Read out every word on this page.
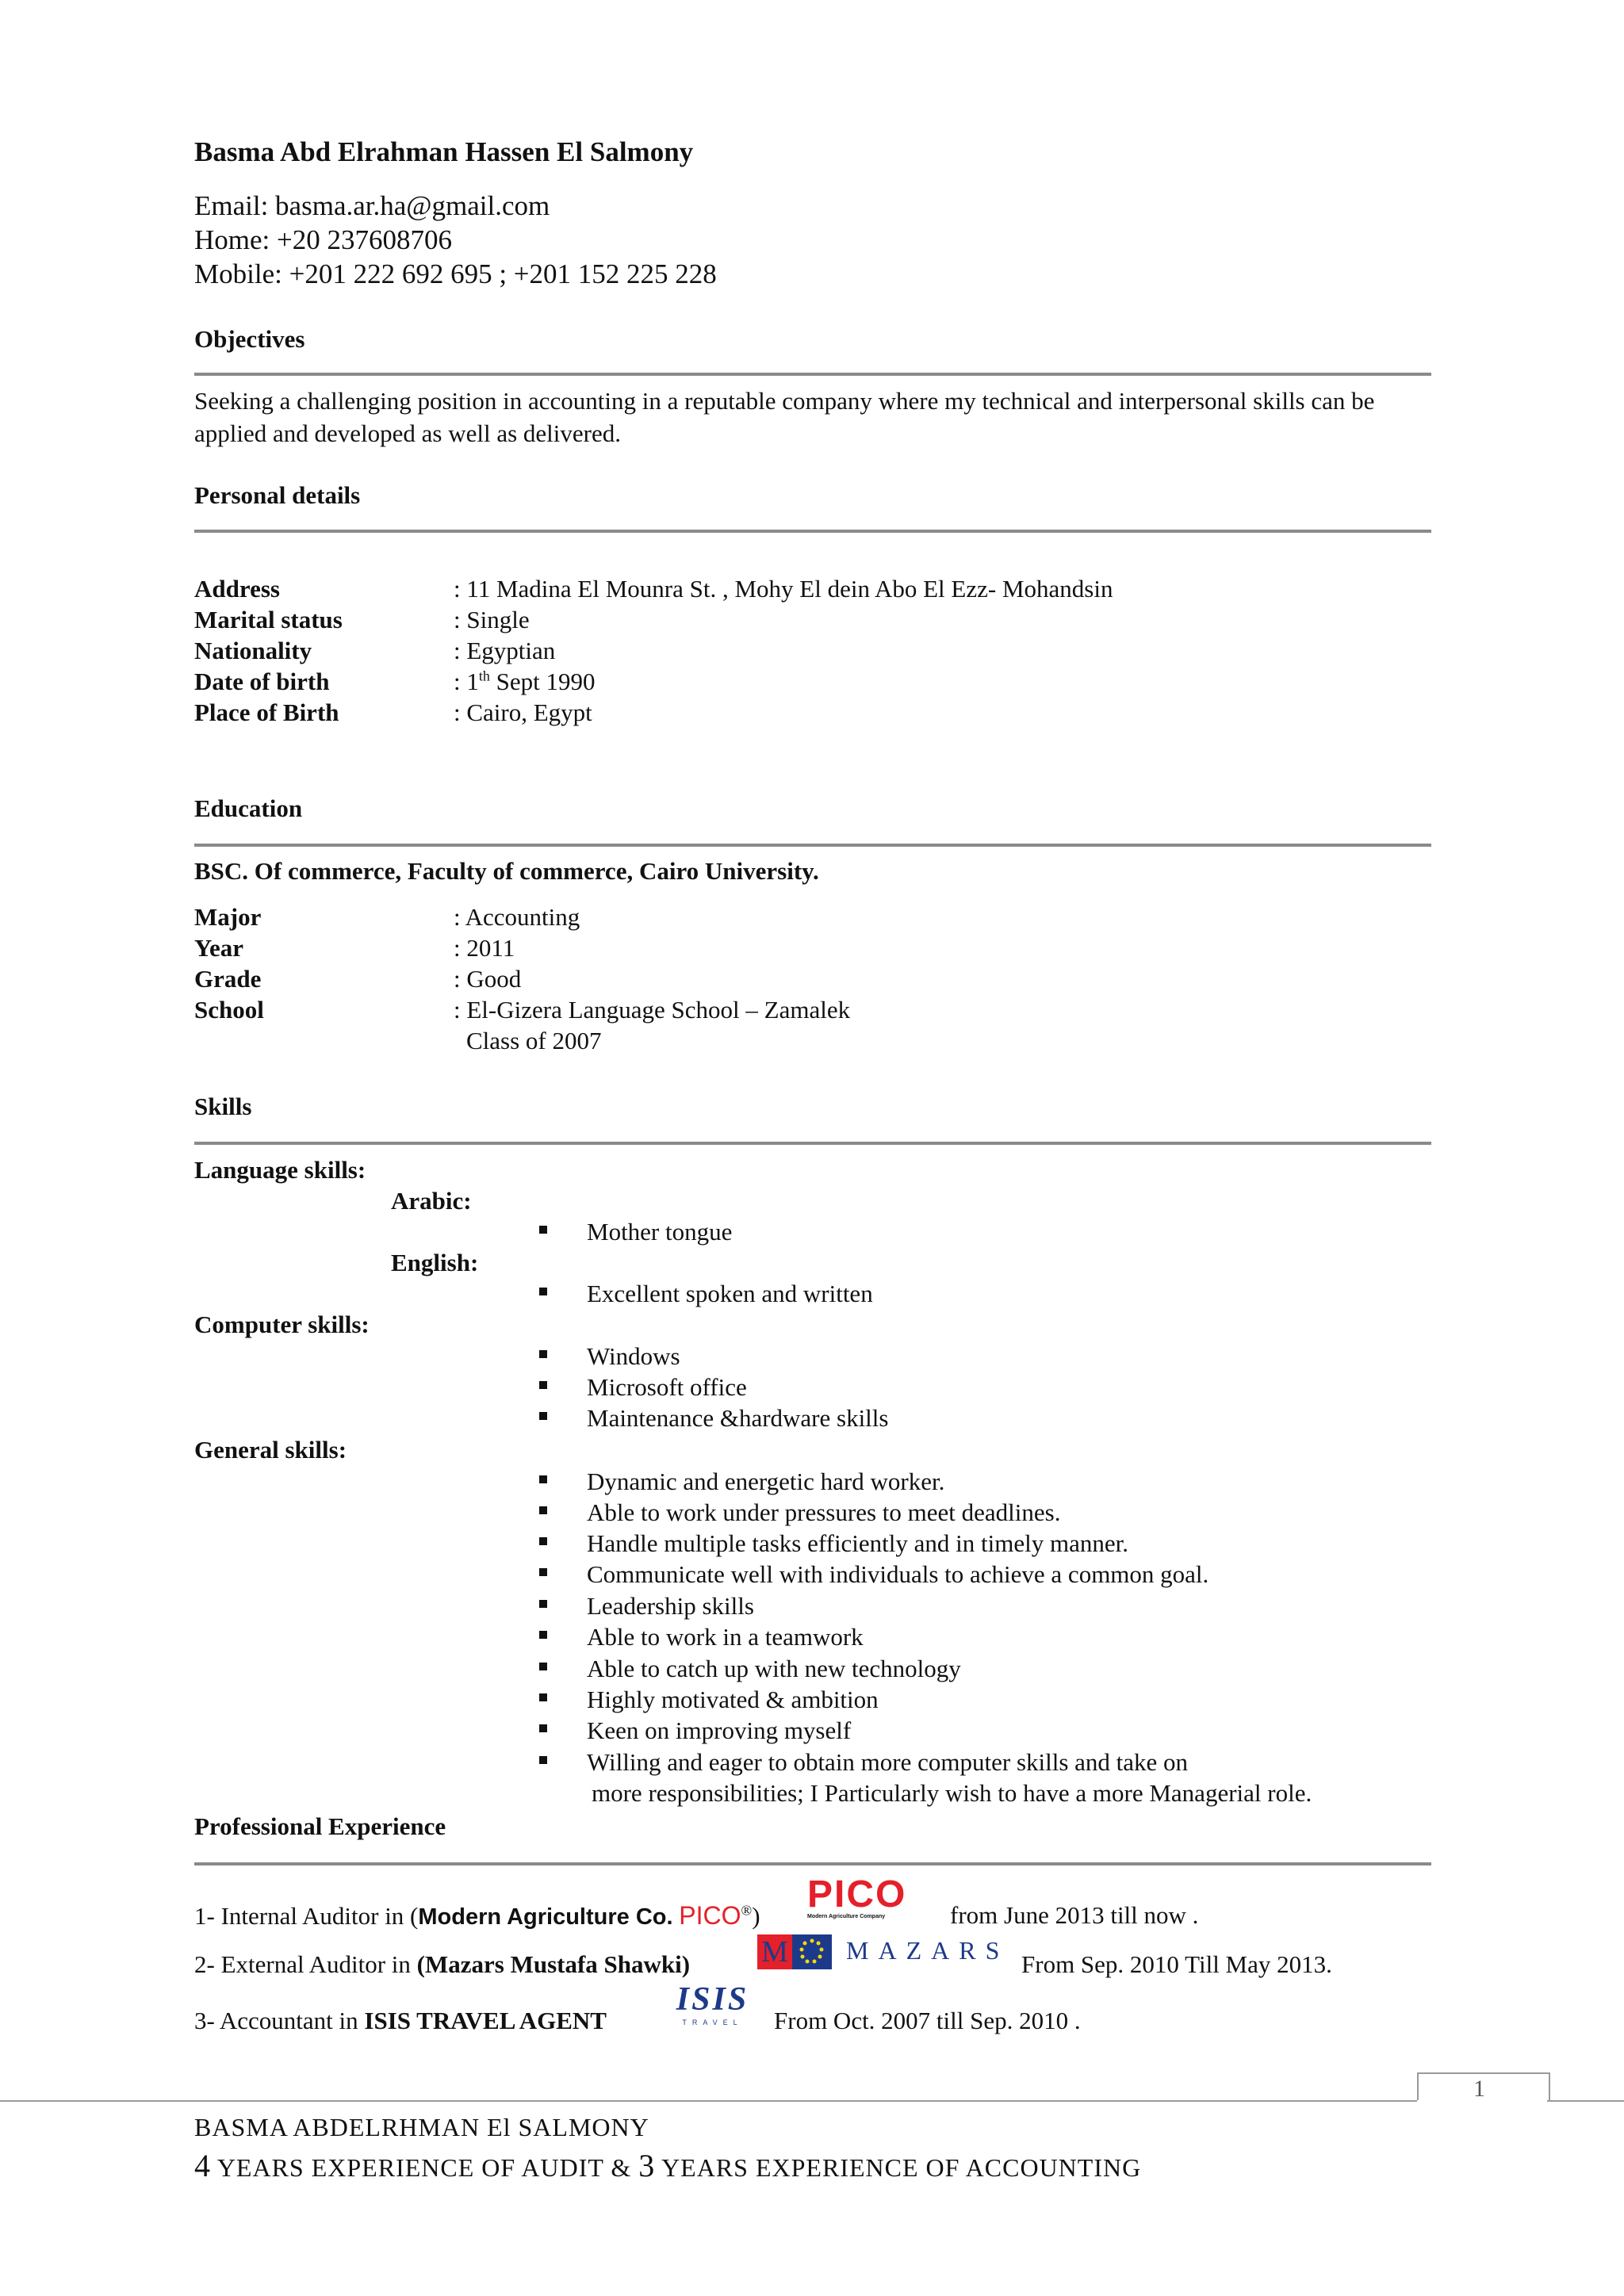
Basma Abd Elrahman Hassen El Salmony

Email: basma.ar.ha@gmail.com

Home: +20 237608706

Mobile: +201 222 692 695 ; +201 152 225 228

Objectives

Seeking a challenging position in accounting in a reputable company where my technical and interpersonal skills can be applied and developed as well as delivered.

Personal details

Address	: 11 Madina El Mounra St. , Mohy El dein Abo El Ezz- Mohandsin

Marital status	: Single

Nationality	: Egyptian

Date of birth	: 1th Sept 1990

Place of Birth	: Cairo, Egypt

Education

BSC. Of commerce, Faculty of commerce, Cairo University.

Major	: Accounting

Year	: 2011

Grade	: Good

School	: El-Gizera Language School – Zamalek

Class of 2007

Skills

Language skills:

Arabic:

Mother tongue

English:

Excellent spoken and written

Computer skills:

Windows

Microsoft office

Maintenance &hardware skills

General skills:

Dynamic and energetic hard worker.

Able to work under pressures to meet deadlines.

Handle multiple tasks efficiently and in timely manner.

Communicate well with individuals to achieve a common goal.

Leadership skills

Able to work in a teamwork

Able to catch up with new technology

Highly motivated & ambition

Keen on improving myself

Willing and eager to obtain more computer skills and take on

more responsibilities; I Particularly wish to have a more Managerial role.

Professional Experience

1- Internal Auditor in (Modern Agriculture Co. PICO®)

PICO
Modern Agriculture Company	from June 2013 till now .

2- External Auditor in (Mazars Mustafa Shawki) M MAZARS From Sep. 2010 Till May 2013.

3- Accountant in ISIS TRAVEL AGENT

ISIS
TRAVEL	From Oct. 2007 till Sep. 2010 .

1

BASMA ABDELRHMAN El SALMONY

4 YEARS EXPERIENCE OF AUDIT & 3 YEARS EXPERIENCE OF ACCOUNTING
